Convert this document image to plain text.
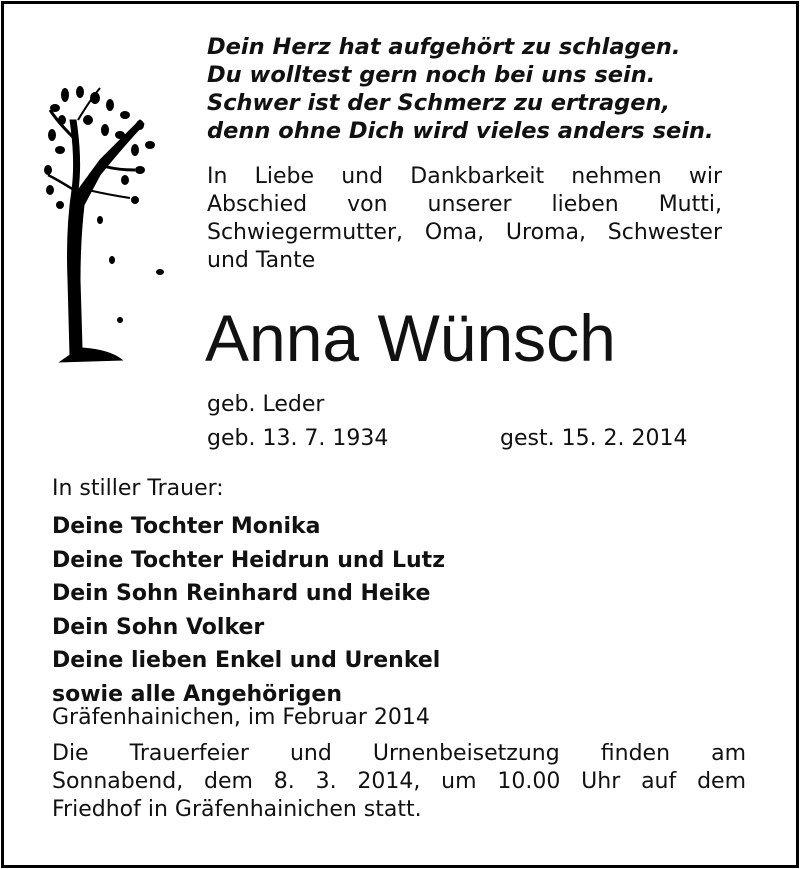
Dein Herz hat aufgehört zu schlagen.
Du wolltest gern noch bei uns sein.
Schwer ist der Schmerz zu ertragen,
denn ohne Dich wird vieles anders sein.
In Liebe und Dankbarkeit nehmen wir
Abschied von unserer lieben Mutti,
Schwiegermutter, Oma, Uroma, Schwester
und Tante
Anna Wünsch
geb. Leder
geb. 13. 7. 1934	gest. 15. 2. 2014
In stiller Trauer:
Deine Tochter Monika
Deine Tochter Heidrun und Lutz
Dein Sohn Reinhard und Heike
Dein Sohn Volker
Deine lieben Enkel und Urenkel
sowie alle Angehörigen
Gräfenhainichen, im Februar 2014
Die Trauerfeier und Urnenbeisetzung finden am
Sonnabend, dem 8. 3. 2014, um 10.00 Uhr auf dem
Friedhof in Gräfenhainichen statt.
